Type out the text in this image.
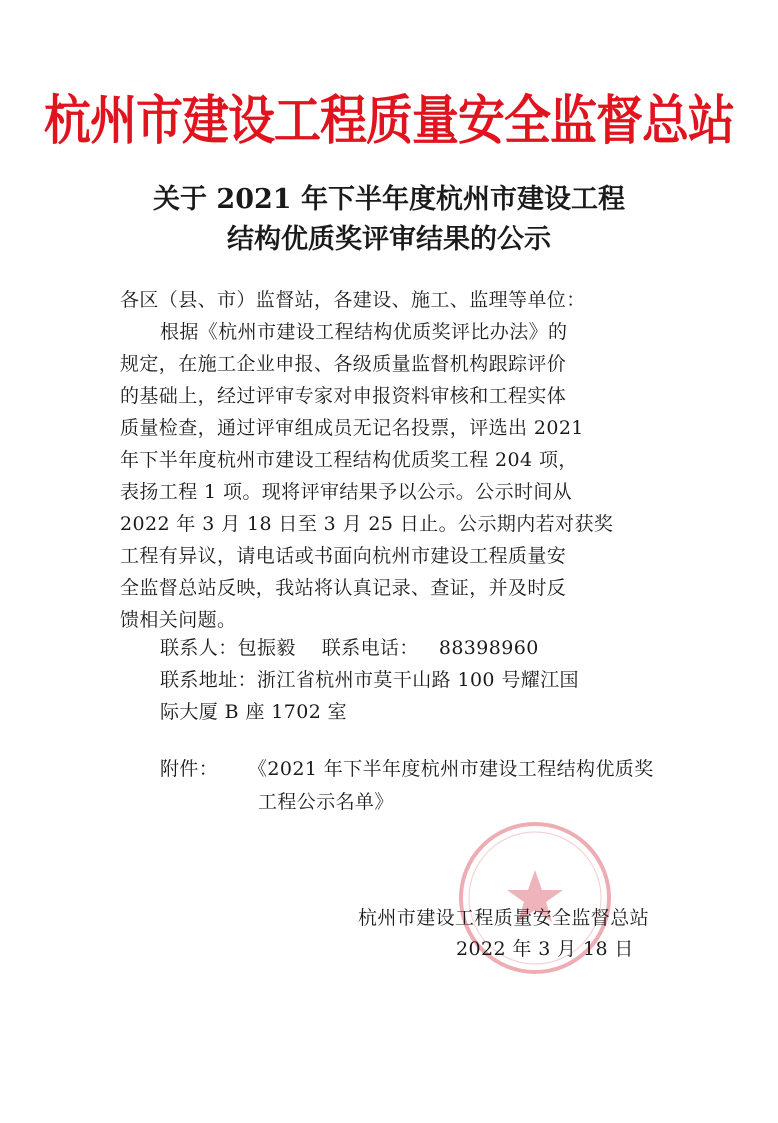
杭州市建设工程质量安全监督总站
关于 2021 年下半年度杭州市建设工程
结构优质奖评审结果的公示
各区（县、市）监督站，各建设、施工、监理等单位：
根据《杭州市建设工程结构优质奖评比办法》的
规定，在施工企业申报、各级质量监督机构跟踪评价
的基础上，经过评审专家对申报资料审核和工程实体
质量检查，通过评审组成员无记名投票，评选出 2021
年下半年度杭州市建设工程结构优质奖工程 204 项，
表扬工程 1 项。现将评审结果予以公示。公示时间从
2022 年 3 月 18 日至 3 月 25 日止。公示期内若对获奖
工程有异议，请电话或书面向杭州市建设工程质量安
全监督总站反映，我站将认真记录、查证，并及时反
馈相关问题。
联系人：包振毅 联系电话： 88398960
联系地址：浙江省杭州市莫干山路 100 号耀江国
际大厦 B 座 1702 室
附件： 《2021 年下半年度杭州市建设工程结构优质奖
工程公示名单》
杭州市建设工程质量安全监督总站
2022 年 3 月 18 日
